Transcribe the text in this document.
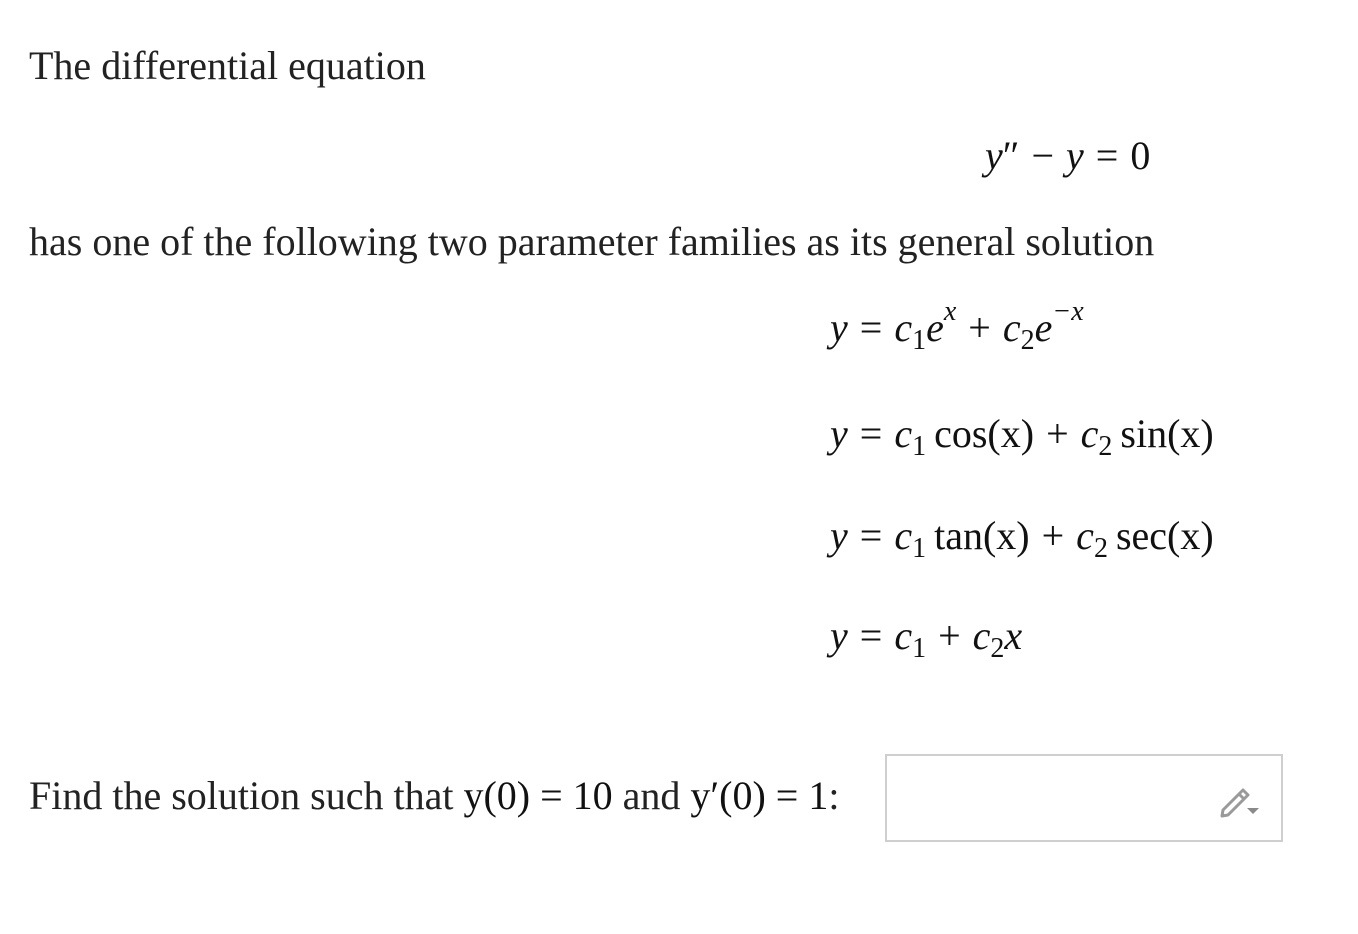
The differential equation
y″ − y = 0
has one of the following two parameter families as its general solution
$y = c_1e^x + c_2e^{-x}$
$y = c_1$ $\cos(x) + c_2$ sin(x)
$y = c_1$ $\tan(x) + c_2$ sec(x)
$y = c_1 + c_2x$
Find the solution such that y(0) = 10 and y′(0) = 1:
